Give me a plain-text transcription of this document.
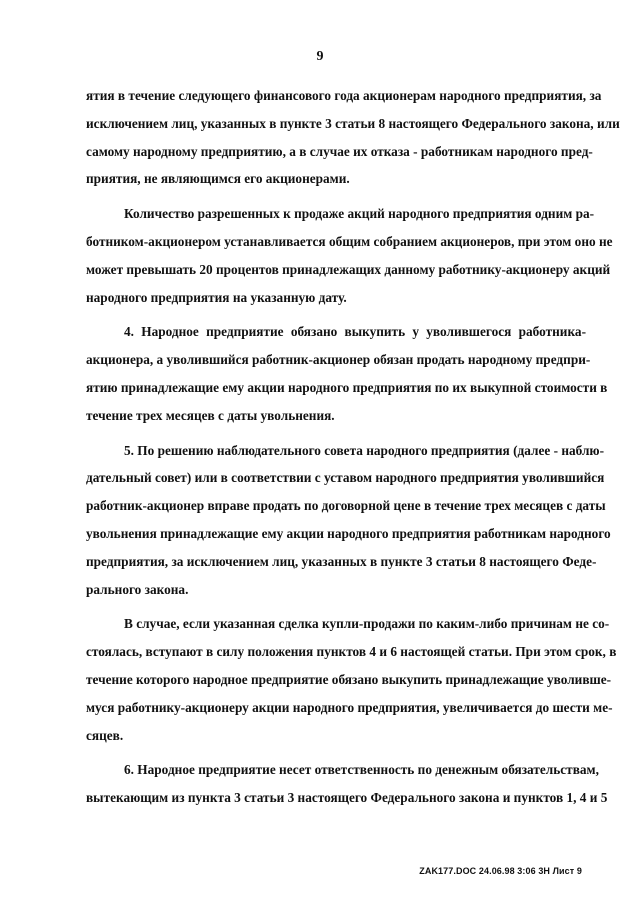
9
ятия в течение следующего финансового года акционерам народного предприятия, за
исключением лиц, указанных в пункте 3 статьи 8 настоящего Федерального закона, или
самому народному предприятию, а в случае их отказа - работникам народного пред-
приятия, не являющимся его акционерами.
Количество разрешенных к продаже акций народного предприятия одним ра-
ботником-акционером устанавливается общим собранием акционеров, при этом оно не
может превышать 20 процентов принадлежащих данному работнику-акционеру акций
народного предприятия на указанную дату.
4. Народное предприятие обязано выкупить у уволившегося работника-
акционера, а уволившийся работник-акционер обязан продать народному предпри-
ятию принадлежащие ему акции народного предприятия по их выкупной стоимости в
течение трех месяцев с даты увольнения.
5. По решению наблюдательного совета народного предприятия (далее - наблю-
дательный совет) или в соответствии с уставом народного предприятия уволившийся
работник-акционер вправе продать по договорной цене в течение трех месяцев с даты
увольнения принадлежащие ему акции народного предприятия работникам народного
предприятия, за исключением лиц, указанных в пункте 3 статьи 8 настоящего Феде-
рального закона.
В случае, если указанная сделка купли-продажи по каким-либо причинам не со-
стоялась, вступают в силу положения пунктов 4 и 6 настоящей статьи. При этом срок, в
течение которого народное предприятие обязано выкупить принадлежащие уволивше-
муся работнику-акционеру акции народного предприятия, увеличивается до шести ме-
сяцев.
6. Народное предприятие несет ответственность по денежным обязательствам,
вытекающим из пункта 3 статьи 3 настоящего Федерального закона и пунктов 1, 4 и 5
ZAK177.DOC 24.06.98 3:06 3H Лист 9
